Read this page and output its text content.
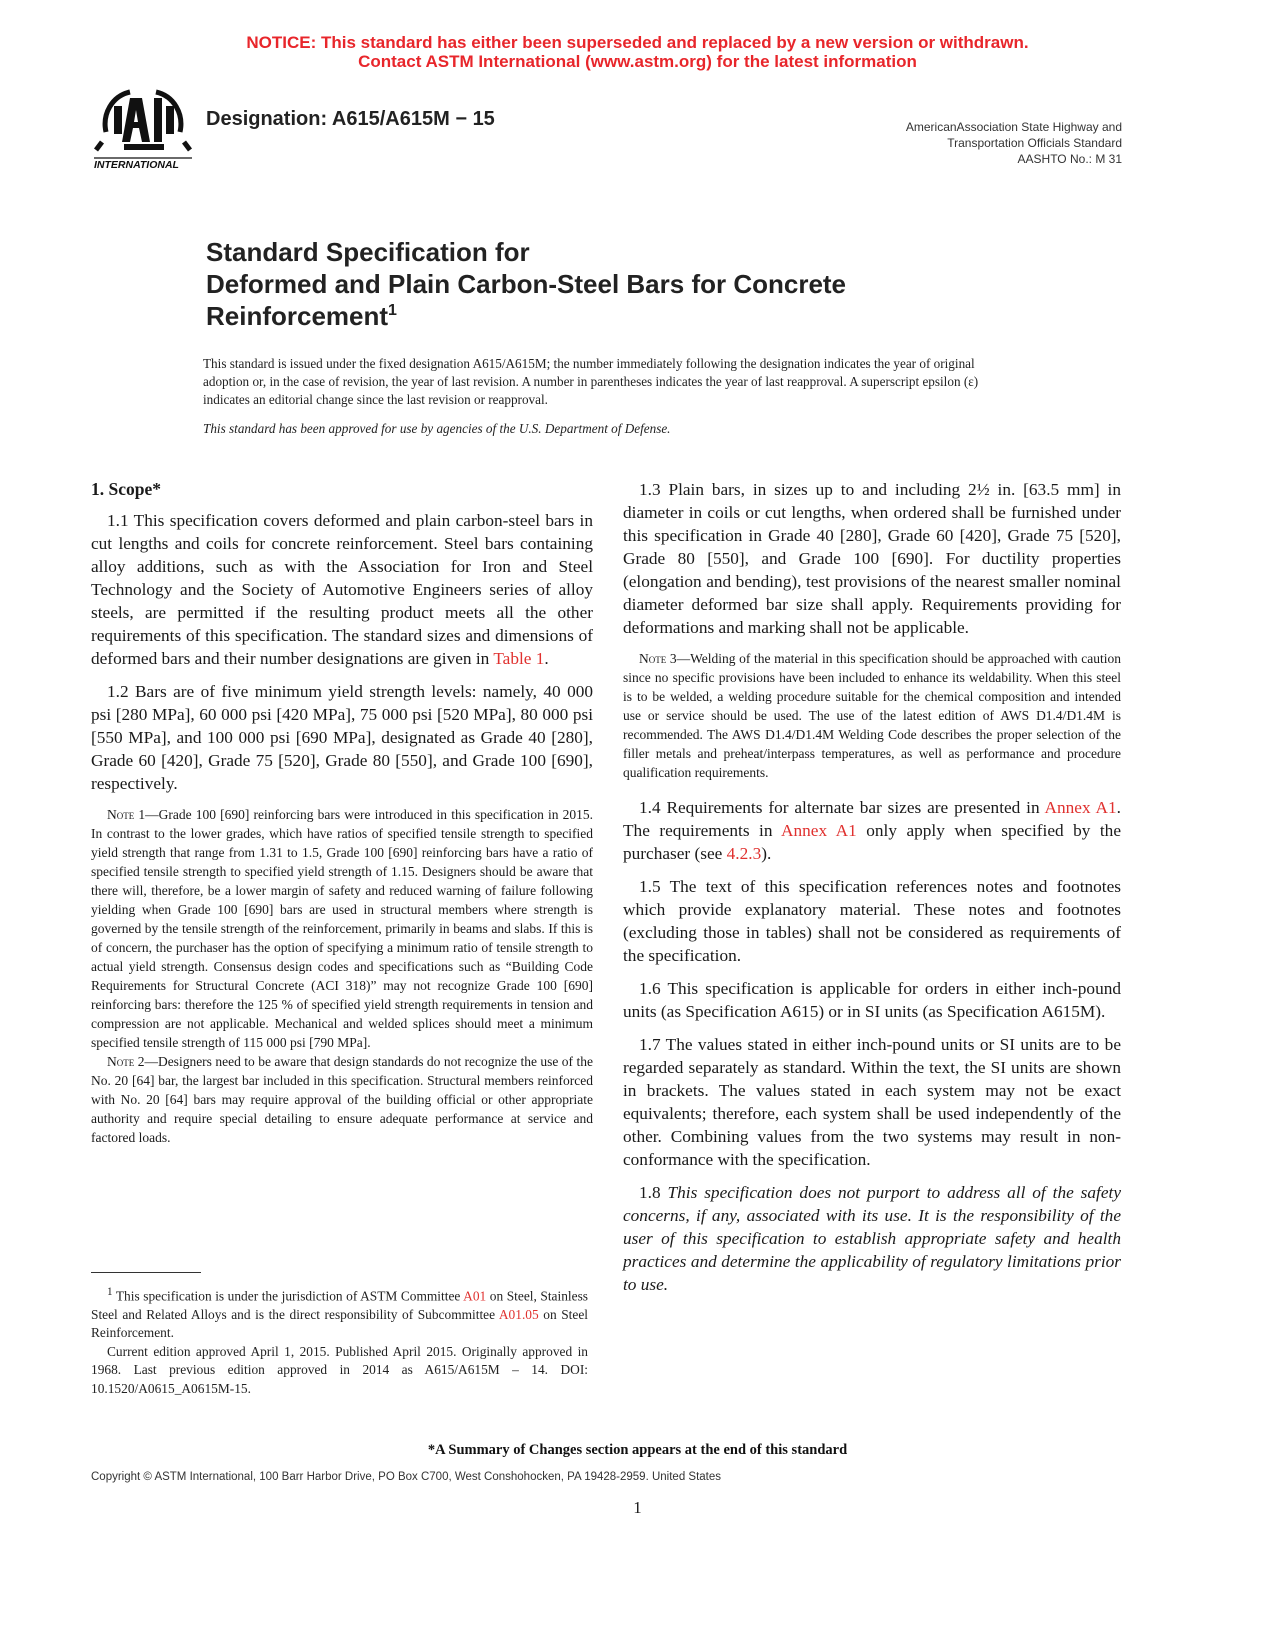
NOTICE: This standard has either been superseded and replaced by a new version or withdrawn.
Contact ASTM International (www.astm.org) for the latest information
INTERNATIONAL
Designation: A615/A615M − 15	AmericanAssociation State Highway and
Transportation Officials Standard
AASHTO No.: M 31
Standard Specification for
Deformed and Plain Carbon-Steel Bars for Concrete
Reinforcement$^1$
This standard is issued under the fixed designation A615/A615M; the number immediately following the designation indicates the year of original adoption or, in the case of revision, the year of last revision. A number in parentheses indicates the year of last reapproval. A superscript epsilon (ε) indicates an editorial change since the last revision or reapproval.
This standard has been approved for use by agencies of the U.S. Department of Defense.
1. Scope*

1.1 This specification covers deformed and plain carbon-steel bars in cut lengths and coils for concrete reinforcement. Steel bars containing alloy additions, such as with the Association for Iron and Steel Technology and the Society of Automotive Engineers series of alloy steels, are permitted if the resulting product meets all the other requirements of this specification. The standard sizes and dimensions of deformed bars and their number designations are given in Table 1.

1.2 Bars are of five minimum yield strength levels: namely, 40 000 psi [280 MPa], 60 000 psi [420 MPa], 75 000 psi [520 MPa], 80 000 psi [550 MPa], and 100 000 psi [690 MPa], designated as Grade 40 [280], Grade 60 [420], Grade 75 [520], Grade 80 [550], and Grade 100 [690], respectively.

Note 1—Grade 100 [690] reinforcing bars were introduced in this specification in 2015. In contrast to the lower grades, which have ratios of specified tensile strength to specified yield strength that range from 1.31 to 1.5, Grade 100 [690] reinforcing bars have a ratio of specified tensile strength to specified yield strength of 1.15. Designers should be aware that there will, therefore, be a lower margin of safety and reduced warning of failure following yielding when Grade 100 [690] bars are used in structural members where strength is governed by the tensile strength of the reinforcement, primarily in beams and slabs. If this is of concern, the purchaser has the option of specifying a minimum ratio of tensile strength to actual yield strength. Consensus design codes and specifications such as “Building Code Requirements for Structural Concrete (ACI 318)” may not recognize Grade 100 [690] reinforcing bars: therefore the 125 % of specified yield strength requirements in tension and compression are not applicable. Mechanical and welded splices should meet a minimum specified tensile strength of 115 000 psi [790 MPa].

Note 2—Designers need to be aware that design standards do not recognize the use of the No. 20 [64] bar, the largest bar included in this specification. Structural members reinforced with No. 20 [64] bars may require approval of the building official or other appropriate authority and require special detailing to ensure adequate performance at service and factored loads.

1.3 Plain bars, in sizes up to and including 2½ in. [63.5 mm] in diameter in coils or cut lengths, when ordered shall be furnished under this specification in Grade 40 [280], Grade 60 [420], Grade 75 [520], Grade 80 [550], and Grade 100 [690]. For ductility properties (elongation and bending), test provisions of the nearest smaller nominal diameter deformed bar size shall apply. Requirements providing for deformations and marking shall not be applicable.

Note 3—Welding of the material in this specification should be approached with caution since no specific provisions have been included to enhance its weldability. When this steel is to be welded, a welding procedure suitable for the chemical composition and intended use or service should be used. The use of the latest edition of AWS D1.4/D1.4M is recommended. The AWS D1.4/D1.4M Welding Code describes the proper selection of the filler metals and preheat/interpass temperatures, as well as performance and procedure qualification requirements.

1.4 Requirements for alternate bar sizes are presented in Annex A1. The requirements in Annex A1 only apply when specified by the purchaser (see 4.2.3).

1.5 The text of this specification references notes and footnotes which provide explanatory material. These notes and footnotes (excluding those in tables) shall not be considered as requirements of the specification.

1.6 This specification is applicable for orders in either inch-pound units (as Specification A615) or in SI units (as Specification A615M).

1.7 The values stated in either inch-pound units or SI units are to be regarded separately as standard. Within the text, the SI units are shown in brackets. The values stated in each system may not be exact equivalents; therefore, each system shall be used independently of the other. Combining values from the two systems may result in non-conformance with the specification.

1.8 This specification does not purport to address all of the safety concerns, if any, associated with its use. It is the responsibility of the user of this specification to establish appropriate safety and health practices and determine the applicability of regulatory limitations prior to use.

$^1$ This specification is under the jurisdiction of ASTM Committee A01 on Steel, Stainless Steel and Related Alloys and is the direct responsibility of Subcommittee A01.05 on Steel Reinforcement.

Current edition approved April 1, 2015. Published April 2015. Originally approved in 1968. Last previous edition approved in 2014 as A615/A615M – 14. DOI: 10.1520/A0615_A0615M-15.

*A Summary of Changes section appears at the end of this standard
Copyright © ASTM International, 100 Barr Harbor Drive, PO Box C700, West Conshohocken, PA 19428-2959. United States
1
